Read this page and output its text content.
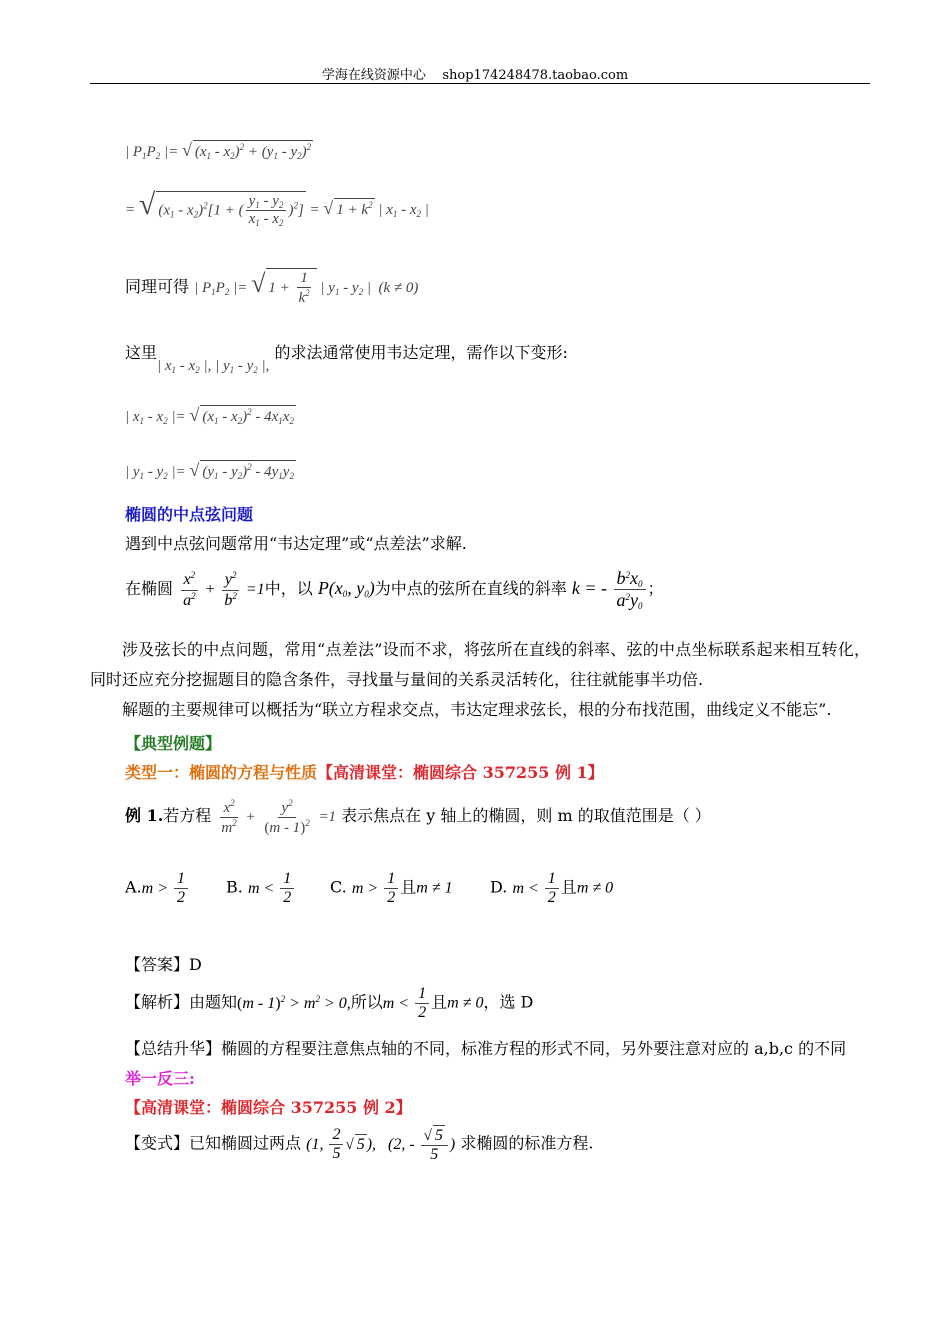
学海在线资源中心 shop174248478.taobao.com
| $P_1P_2$ |= √ $(x_1 - x_2)^2 + (y_1 - y_2)^2$
= √ $(x_1 - x_2)^2[1$ + ( $\frac{y_1 - y_2}{x_1 - x_2} )^2$] = √ $1 + k^2$ | $x_1 - x_2$ |
同理可得 | $P_1P_2$ |= √ $1 + \frac{1}{k^2}$ | $y_1 - y_2$ |  (k ≠ 0)
这里| $x_1 - x_2$ |, | $y_1 - y_2$ |, 的求法通常使用韦达定理，需作以下变形:
| $x_1 - x_2$ |= √ $(x_1 - x_2)^2 - 4x_1x_2$
| $y_1 - y_2$ |= √ $(y_1 - y_2)^2 - 4y_1y_2$
椭圆的中点弦问题
遇到中点弦问题常用“韦达定理”或“点差法”求解.
在椭圆 $\frac{x^2}{a^2} + \frac{y^2}{b^2} =1$中，以 $P(x_0$, $y_0$)为中点的弦所在直线的斜率 k = - $\frac{b^2x_0}{a^2y_0}$ ；

涉及弦长的中点问题，常用“点差法”设而不求，将弦所在直线的斜率、弦的中点坐标联系起来相互转化，同时还应充分挖掘题目的隐含条件，寻找量与量间的关系灵活转化，往往就能事半功倍.

解题的主要规律可以概括为“联立方程求交点，韦达定理求弦长，根的分布找范围，曲线定义不能忘”.

【典型例题】
类型一：椭圆的方程与性质【高清课堂：椭圆综合 357255 例 1】
例 1.若方程 $\frac{x^2}{m^2} + \frac{y^2}{(m - 1)^2} =1$ 表示焦点在 y 轴上的椭圆，则 m 的取值范围是（ ）
$A.m > \frac{1}{2} B$. $m < \frac{1}{2} C$. $m > \frac{1}{2}$ 且m ≠ 1 D. $m < \frac{1}{2}$ 且m ≠ 0
【答案】D
【解析】由题知$(m - 1)^2 > m^2 > 0$,所以$m < \frac{1}{2}$ 且m ≠ 0，选 D
【总结升华】椭圆的方程要注意焦点轴的不同，标准方程的形式不同，另外要注意对应的 a,b,c 的不同
举一反三:
【高清课堂：椭圆综合 357255 例 2】
【变式】已知椭圆过两点 (1, $\frac{2}{5}$ √ 5 ),   (2, - $\frac{√ 5}{5}$ ) 求椭圆的标准方程.
